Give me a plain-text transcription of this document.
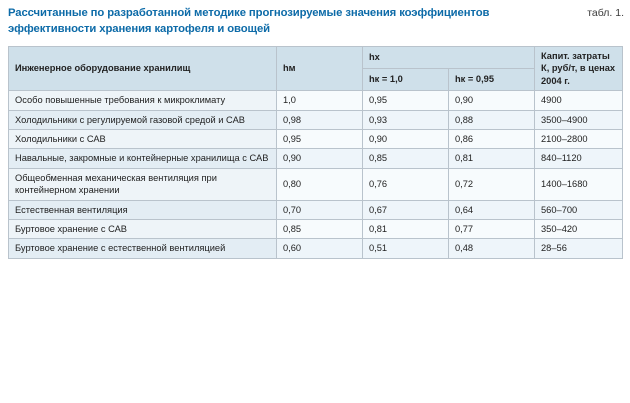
Рассчитанные по разработанной методике прогнозируемые значения коэффициентов эффективности хранения картофеля и овощей
табл. 1.
Инженерное оборудование хранилищ	hм	hх		Капит. затраты К, руб/т, в ценах 2004 г.
		hк = 1,0	hк = 0,95	
Особо повышенные требования к микроклимату	1,0	0,95	0,90	4900
Холодильники с регулируемой газовой средой и САВ	0,98	0,93	0,88	3500–4900
Холодильники с САВ	0,95	0,90	0,86	2100–2800
Навальные, закромные и контейнерные хранилища с САВ	0,90	0,85	0,81	840–1120
Общеобменная механическая вентиляция при контейнерном хранении	0,80	0,76	0,72	1400–1680
Естественная вентиляция	0,70	0,67	0,64	560–700
Буртовое хранение с САВ	0,85	0,81	0,77	350–420
Буртовое хранение с естественной вентиляцией	0,60	0,51	0,48	28–56
